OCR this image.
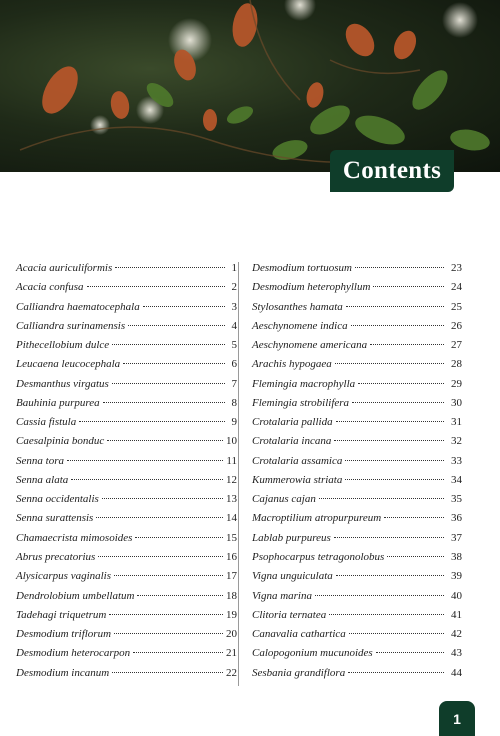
Contents
Acacia auriculiformis	1
Acacia confusa	2
Calliandra haematocephala	3
Calliandra surinamensis	4
Pithecellobium dulce	5
Leucaena leucocephala	6
Desmanthus virgatus	7
Bauhinia purpurea	8
Cassia fistula	9
Caesalpinia bonduc	10
Senna tora	11
Senna alata	12
Senna occidentalis	13
Senna surattensis	14
Chamaecrista mimosoides	15
Abrus precatorius	16
Alysicarpus vaginalis	17
Dendrolobium umbellatum	18
Tadehagi triquetrum	19
Desmodium triflorum	20
Desmodium heterocarpon	21
Desmodium incanum	22
Desmodium tortuosum	23
Desmodium heterophyllum	24
Stylosanthes hamata	25
Aeschynomene indica	26
Aeschynomene americana	27
Arachis hypogaea	28
Flemingia macrophylla	29
Flemingia strobilifera	30
Crotalaria pallida	31
Crotalaria incana	32
Crotalaria assamica	33
Kummerowia striata	34
Cajanus cajan	35
Macroptilium atropurpureum	36
Lablab purpureus	37
Psophocarpus tetragonolobus	38
Vigna unguiculata	39
Vigna marina	40
Clitoria ternatea	41
Canavalia cathartica	42
Calopogonium mucunoides	43
Sesbania grandiflora	44
1
